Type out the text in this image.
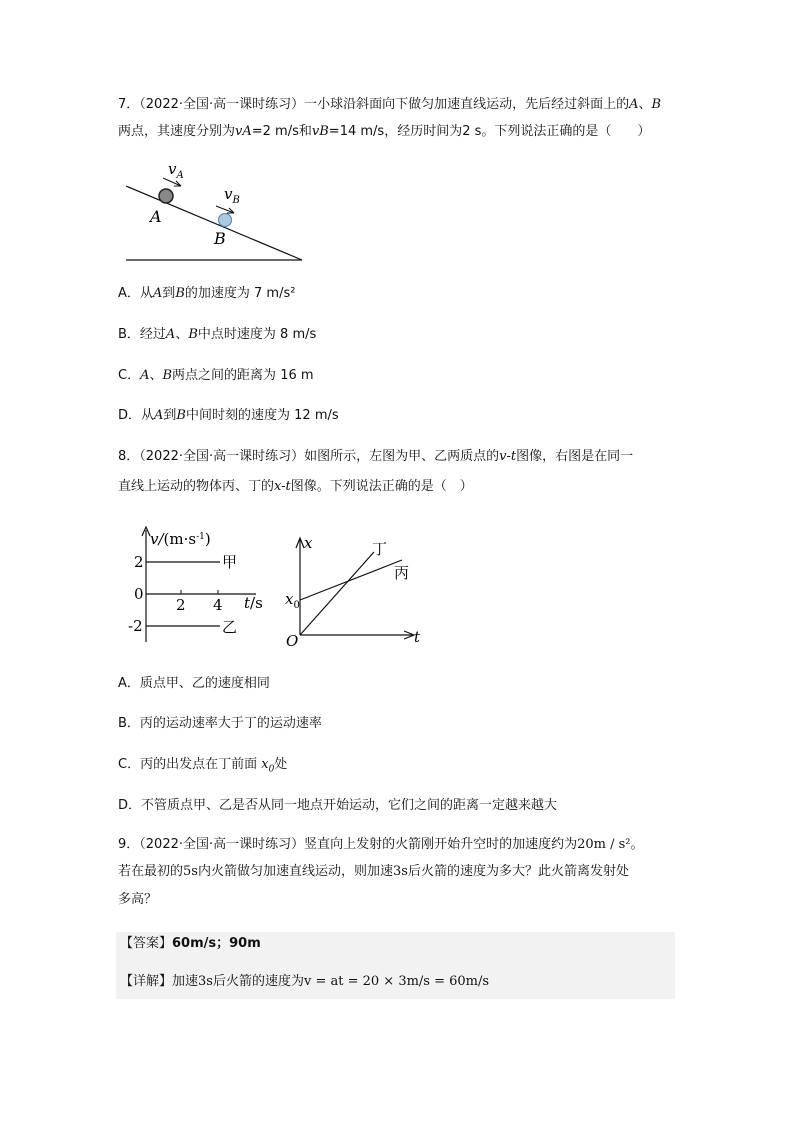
7．（2022·全国·高一课时练习）一小球沿斜面向下做匀加速直线运动，先后经过斜面上的A、B
两点，其速度分别为vA=2 m/s和vB=14 m/s，经历时间为2 s。下列说法正确的是（　　）
$v_A$
$v_B$
A
B
A．从A到B的加速度为 7 m/s²
B．经过A、B中点时速度为 8 m/s
C．A、B两点之间的距离为 16 m
D．从A到B中间时刻的速度为 12 m/s
8．（2022·全国·高一课时练习）如图所示，左图为甲、乙两质点的v-t图像，右图是在同一
直线上运动的物体丙、丁的x-t图像。下列说法正确的是（　）
$v/(m\cdot s^{-1})$
2
0
-2
2 4 t/s
甲
乙
x
t
O
$x_0$
丁
丙
A．质点甲、乙的速度相同
B．丙的运动速率大于丁的运动速率
C．丙的出发点在丁前面 $x_0$处
D．不管质点甲、乙是否从同一地点开始运动，它们之间的距离一定越来越大
9．（2022·全国·高一课时练习）竖直向上发射的火箭刚开始升空时的加速度约为20m / s²。
若在最初的5s内火箭做匀加速直线运动，则加速3s后火箭的速度为多大？此火箭离发射处
多高？
【答案】60m/s；90m
【详解】加速3s后火箭的速度为v = at = 20 × 3m/s = 60m/s
